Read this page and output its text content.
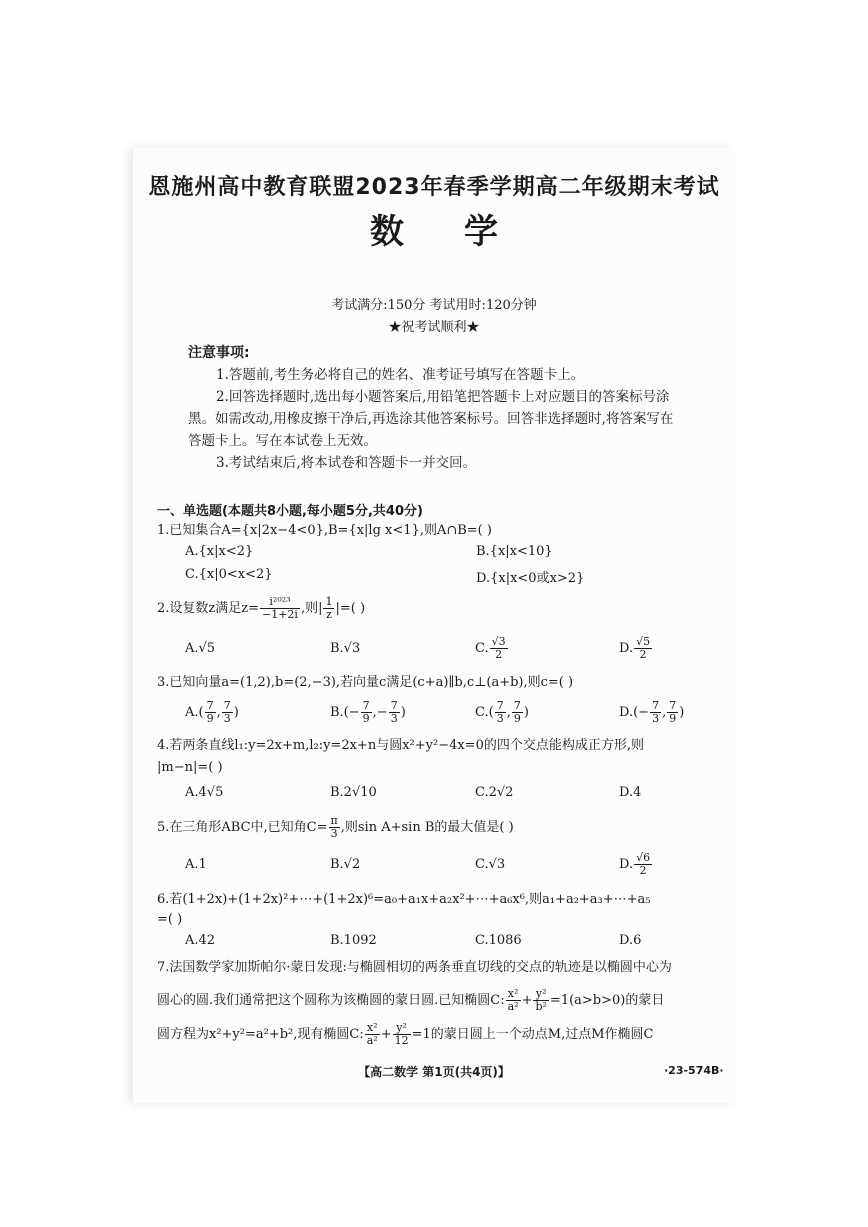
恩施州高中教育联盟2023年春季学期高二年级期末考试
数学
考试满分:150分 考试用时:120分钟
★祝考试顺利★
注意事项:

1.答题前,考生务必将自己的姓名、准考证号填写在答题卡上。

2.回答选择题时,选出每小题答案后,用铅笔把答题卡上对应题目的答案标号涂

黑。如需改动,用橡皮擦干净后,再选涂其他答案标号。回答非选择题时,将答案写在

答题卡上。写在本试卷上无效。

3.考试结束后,将本试卷和答题卡一并交回。

一、单选题(本题共8小题,每小题5分,共40分)
1.已知集合A={x|2x−4<0},B={x|lg x<1},则A∩B=( )
A.{x|x<2}	B.{x|x<10}
C.{x|0<x<2}	D.{x|x<0或x>2}
2.设复数z满足$z= \frac{\text{i²⁰²³}}{-1+2i}$ ,则| $\frac{1}{z}$ |=( )
A.√5	B.√3	C. $\frac{√3}{2}$	D. $\frac{√5}{2}$
3.已知向量a=(1,2),b=(2,−3),若向量c满足(c+a)∥b,c⊥(a+b),则c=( )
$A.( \frac{7}{9}$ , $\frac{7}{3}$ )	$B.(- \frac{7}{9}$ ,− $\frac{7}{3}$ )	$C.( \frac{7}{3}$ , $\frac{7}{9}$ )	$D.(- \frac{7}{3}$ , $\frac{7}{9}$ )
4.若两条直线l₁:y=2x+m,l₂:y=2x+n与圆x²+y²−4x=0的四个交点能构成正方形,则
|m−n|=( )
A.4√5	B.2√10	C.2√2	D.4
5.在三角形ABC中,已知角$C= \frac{\pi}{3}$ ,则sin A+sin B的最大值是( )
A.1	B.√2	C.√3	D. $\frac{√6}{2}$
6.若(1+2x)+(1+2x)²+⋯+(1+2x)⁶=a₀+a₁x+a₂x²+⋯+a₆x⁶,则a₁+a₂+a₃+⋯+a₅
=( )
A.42	B.1092	C.1086	D.6
7.法国数学家加斯帕尔·蒙日发现:与椭圆相切的两条垂直切线的交点的轨迹是以椭圆中心为
圆心的圆.我们通常把这个圆称为该椭圆的蒙日圆.已知椭圆C: $\frac{\text{x²}}{\text{a²}} + \frac{\text{y²}}{\text{b²}} =1(a>b>0)$的蒙日
圆方程为x²+y²=a²+b²,现有椭圆C: $\frac{\text{x²}}{\text{a²}} + \frac{\text{y²}}{12} =1$的蒙日圆上一个动点M,过点M作椭圆C
【高二数学 第1页(共4页)】	·23-574B·
